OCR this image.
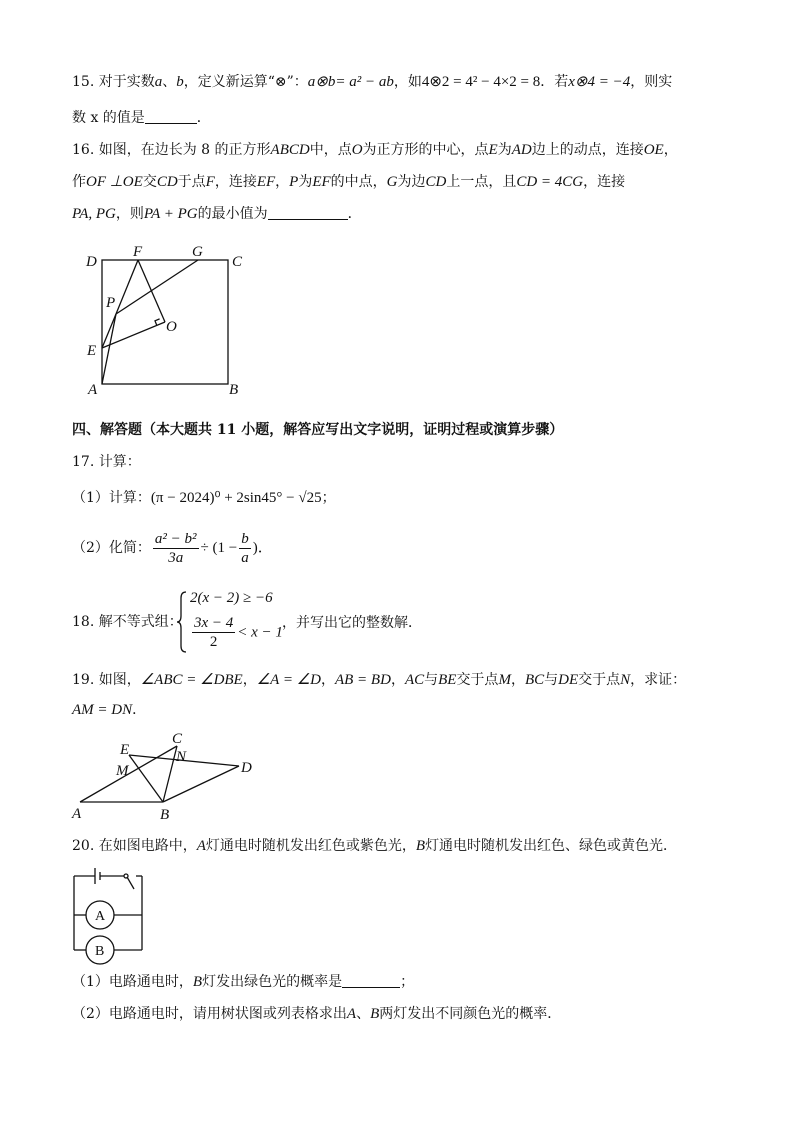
15. 对于实数a、b，定义新运算“⊗”：a⊗b= a² − ab，如4⊗2 = 4² − 4×2 = 8．若x⊗4 = −4，则实
数 x 的值是	．
16. 如图，在边长为 8 的正方形ABCD中，点O为正方形的中心，点E为AD边上的动点，连接OE，
作OF ⊥OE交CD于点F，连接EF，P为EF的中点，G为边CD上一点，且CD = 4CG，连接
PA, PG，则PA + PG的最小值为	．
D
F	G
C
P
O
E
A	B
四、解答题（本大题共 11 小题，解答应写出文字说明，证明过程或演算步骤）
17. 计算：
（1）计算：(π − 2024)⁰ + 2sin45° − √25；
（2）化简： $\frac{\text{a² − b²}}{3a} \div (1 - \frac{b}{a}$ )．
18. 解不等式组：
2(x − 2) ≥ −6
$\frac{3x - 4}{2} < x - 1$
，并写出它的整数解．
19. 如图，∠ABC = ∠DBE，∠A = ∠D，AB = BD，AC与BE交于点M，BC与DE交于点N，求证：
AM = DN．
E
C
N
M	D
A	B
20. 在如图电路中，A灯通电时随机发出红色或紫色光，B灯通电时随机发出红色、绿色或黄色光．
A
B
（1）电路通电时，B灯发出绿色光的概率是	；
（2）电路通电时，请用树状图或列表格求出A、B两灯发出不同颜色光的概率．
